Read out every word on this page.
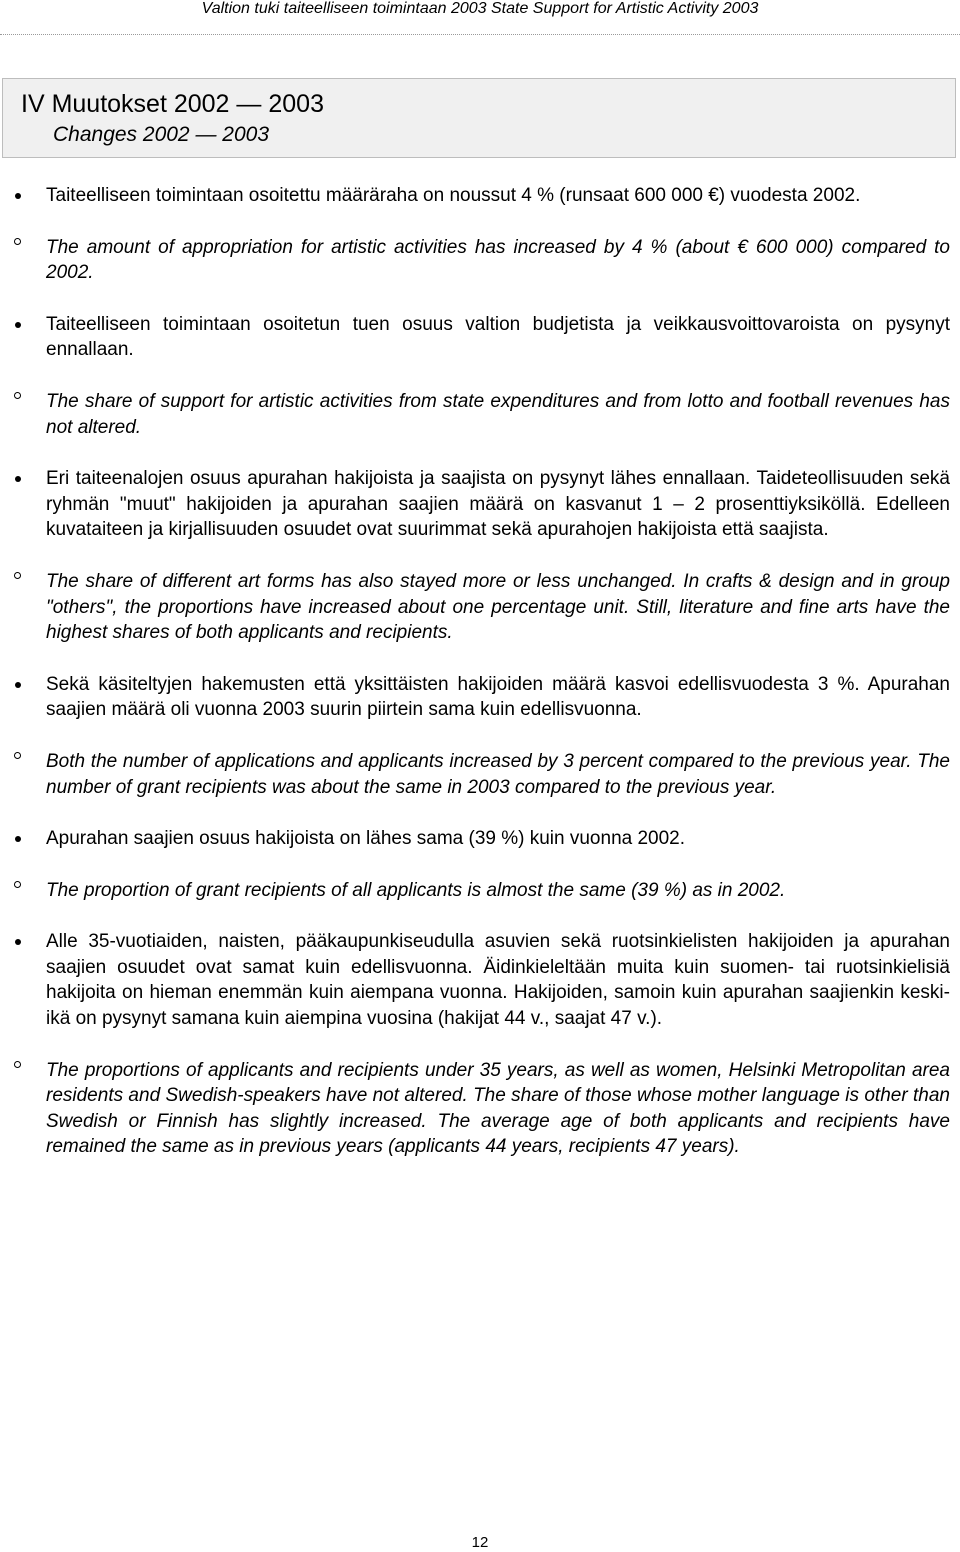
Valtion tuki taiteelliseen toimintaan 2003 State Support for Artistic Activity 2003
IV Muutokset 2002 — 2003
Changes 2002 — 2003
Taiteelliseen toimintaan osoitettu määräraha on noussut 4 % (runsaat 600 000 €) vuodesta 2002.
The amount of appropriation for artistic activities has increased by 4 % (about € 600 000) compared to 2002.
Taiteelliseen toimintaan osoitetun tuen osuus valtion budjetista ja veikkausvoittovaroista on pysynyt ennallaan.
The share of support for artistic activities from state expenditures and from lotto and football revenues has not altered.
Eri taiteenalojen osuus apurahan hakijoista ja saajista on pysynyt lähes ennallaan. Taideteollisuuden sekä ryhmän "muut" hakijoiden ja apurahan saajien määrä on kasvanut 1 – 2 prosenttiyksiköllä. Edelleen kuvataiteen ja kirjallisuuden osuudet ovat suurimmat sekä apurahojen hakijoista että saajista.
The share of different art forms has also stayed more or less unchanged. In crafts & design and in group "others", the proportions have increased about one percentage unit. Still, literature and fine arts have the highest shares of both applicants and recipients.
Sekä käsiteltyjen hakemusten että yksittäisten hakijoiden määrä kasvoi edellisvuodesta 3 %. Apurahan saajien määrä oli vuonna 2003 suurin piirtein sama kuin edellisvuonna.
Both the number of applications and applicants increased by 3 percent compared to the previous year. The number of grant recipients was about the same in 2003 compared to the previous year.
Apurahan saajien osuus hakijoista on lähes sama (39 %) kuin vuonna 2002.
The proportion of grant recipients of all applicants is almost the same (39 %) as in 2002.
Alle 35-vuotiaiden, naisten, pääkaupunkiseudulla asuvien sekä ruotsinkielisten hakijoiden ja apurahan saajien osuudet ovat samat kuin edellisvuonna. Äidinkieleltään muita kuin suomen- tai ruotsinkielisiä hakijoita on hieman enemmän kuin aiempana vuonna. Hakijoiden, samoin kuin apurahan saajienkin keski-ikä on pysynyt samana kuin aiempina vuosina (hakijat 44 v., saajat 47 v.).
The proportions of applicants and recipients under 35 years, as well as women, Helsinki Metropolitan area residents and Swedish-speakers have not altered. The share of those whose mother language is other than Swedish or Finnish has slightly increased. The average age of both applicants and recipients have remained the same as in previous years (applicants 44 years, recipients 47 years).
12
